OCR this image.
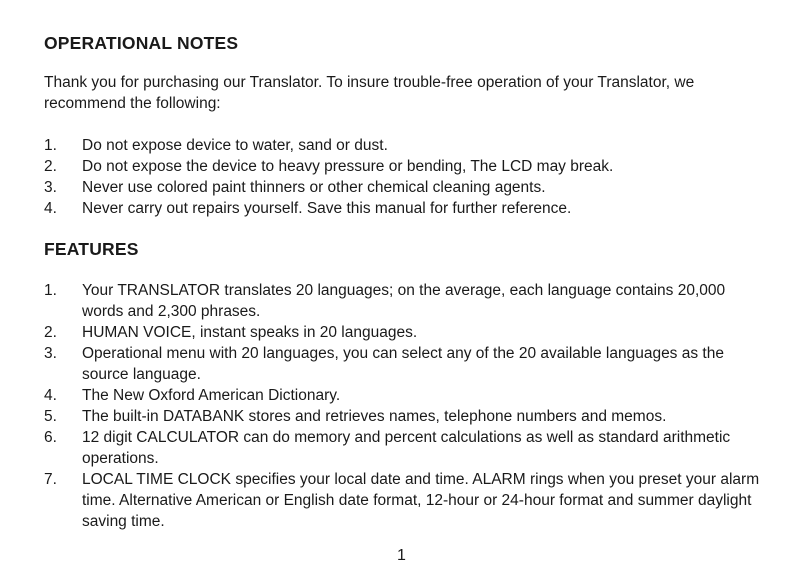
OPERATIONAL NOTES

Thank you for purchasing our Translator. To insure trouble-free operation of your Translator, we recommend the following:

1. Do not expose device to water, sand or dust.
2. Do not expose the device to heavy pressure or bending, The LCD may break.
3. Never use colored paint thinners or other chemical cleaning agents.
4. Never carry out repairs yourself. Save this manual for further reference.
FEATURES
1. Your TRANSLATOR translates 20 languages; on the average, each language contains 20,000 words and 2,300 phrases.
2. HUMAN VOICE, instant speaks in 20 languages.
3. Operational menu with 20 languages, you can select any of the 20 available languages as the source language.
4. The New Oxford American Dictionary.
5. The built-in DATABANK stores and retrieves names, telephone numbers and memos.
6. 12 digit CALCULATOR can do memory and percent calculations as well as standard arithmetic operations.
7. LOCAL TIME CLOCK specifies your local date and time. ALARM rings when you preset your alarm time. Alternative American or English date format, 12-hour or 24-hour format and summer daylight saving time.
1
